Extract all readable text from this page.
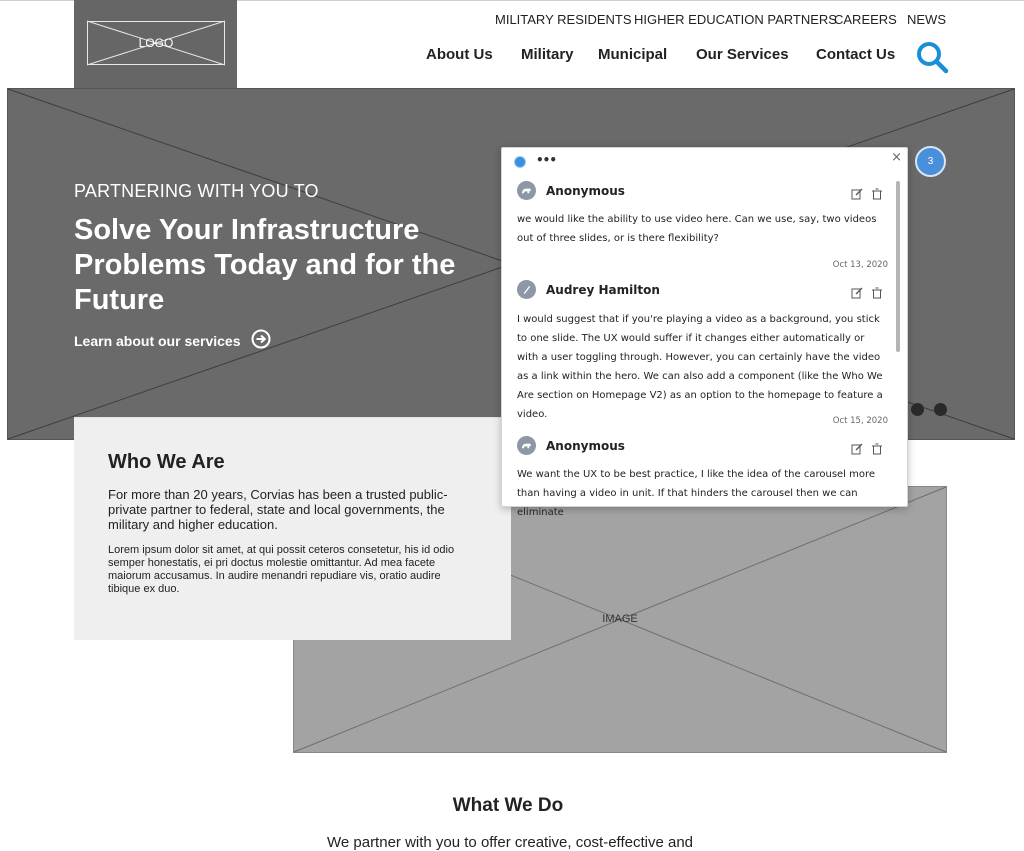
LOGO
MILITARY RESIDENTS HIGHER EDUCATION PARTNERS
CAREERS NEWS
About Us Military Municipal Our Services Contact Us
PARTNERING WITH YOU TO
Solve Your Infrastructure Problems Today and for the Future
Learn about our services
IMAGE
Who We Are
For more than 20 years, Corvias has been a trusted public-private partner to federal, state and local governments, the military and higher education.
Lorem ipsum dolor sit amet, at qui possit ceteros consetetur, his id odio semper honestatis, ei pri doctus molestie omittantur. Ad mea facete maiorum accusamus. In audire menandri repudiare vis, oratio audire tibique ex duo.
What We Do
We partner with you to offer creative, cost-effective and
•••	×
Anonymous
we would like the ability to use video here. Can we use, say, two videos out of three slides, or is there flexibility?
Oct 13, 2020
Audrey Hamilton
I would suggest that if you're playing a video as a background, you stick to one slide. The UX would suffer if it changes either automatically or with a user toggling through. However, you can certainly have the video as a link within the hero. We can also add a component (like the Who We Are section on Homepage V2) as an option to the homepage to feature a video.
Oct 15, 2020
Anonymous
We want the UX to be best practice, I like the idea of the carousel more than having a video in unit. If that hinders the carousel then we can eliminate
3
